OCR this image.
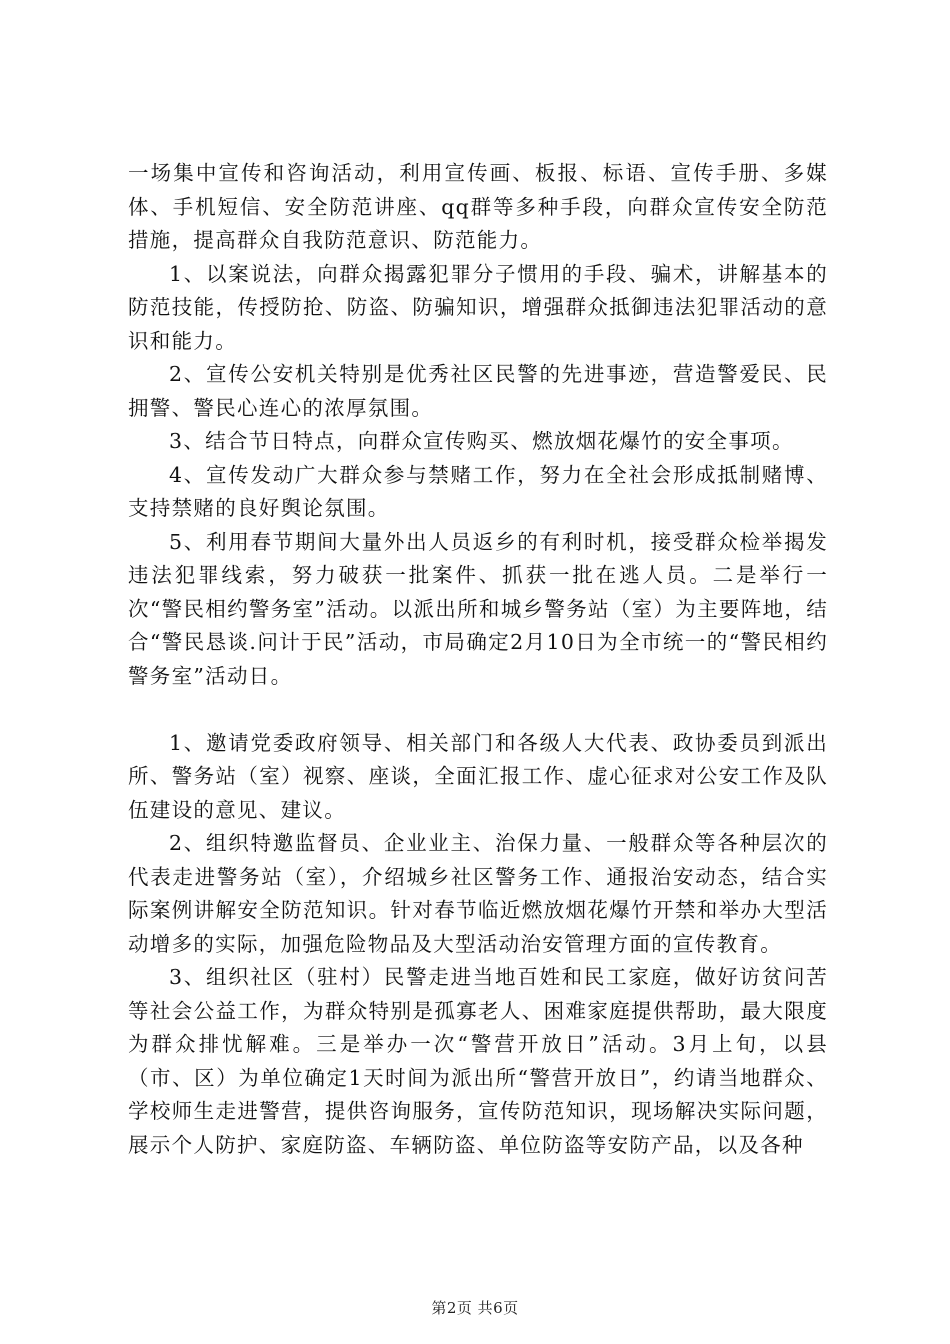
一场集中宣传和咨询活动，利用宣传画、板报、标语、宣传手册、多媒体、手机短信、安全防范讲座、qq群等多种手段，向群众宣传安全防范措施，提高群众自我防范意识、防范能力。

1、以案说法，向群众揭露犯罪分子惯用的手段、骗术，讲解基本的防范技能，传授防抢、防盗、防骗知识，增强群众抵御违法犯罪活动的意识和能力。

2、宣传公安机关特别是优秀社区民警的先进事迹，营造警爱民、民拥警、警民心连心的浓厚氛围。

3、结合节日特点，向群众宣传购买、燃放烟花爆竹的安全事项。

4、宣传发动广大群众参与禁赌工作，努力在全社会形成抵制赌博、支持禁赌的良好舆论氛围。

5、利用春节期间大量外出人员返乡的有利时机，接受群众检举揭发违法犯罪线索，努力破获一批案件、抓获一批在逃人员。二是举行一次“警民相约警务室”活动。以派出所和城乡警务站（室）为主要阵地，结合“警民恳谈.问计于民”活动，市局确定2月10日为全市统一的“警民相约警务室”活动日。

1、邀请党委政府领导、相关部门和各级人大代表、政协委员到派出所、警务站（室）视察、座谈，全面汇报工作、虚心征求对公安工作及队伍建设的意见、建议。

2、组织特邀监督员、企业业主、治保力量、一般群众等各种层次的代表走进警务站（室），介绍城乡社区警务工作、通报治安动态，结合实际案例讲解安全防范知识。针对春节临近燃放烟花爆竹开禁和举办大型活动增多的实际，加强危险物品及大型活动治安管理方面的宣传教育。

3、组织社区（驻村）民警走进当地百姓和民工家庭，做好访贫问苦等社会公益工作，为群众特别是孤寡老人、困难家庭提供帮助，最大限度为群众排忧解难。三是举办一次“警营开放日”活动。3月上旬，以县（市、区）为单位确定1天时间为派出所“警营开放日”，约请当地群众、学校师生走进警营，提供咨询服务，宣传防范知识，现场解决实际问题，展示个人防护、家庭防盗、车辆防盗、单位防盗等安防产品，以及各种

第2页 共6页
